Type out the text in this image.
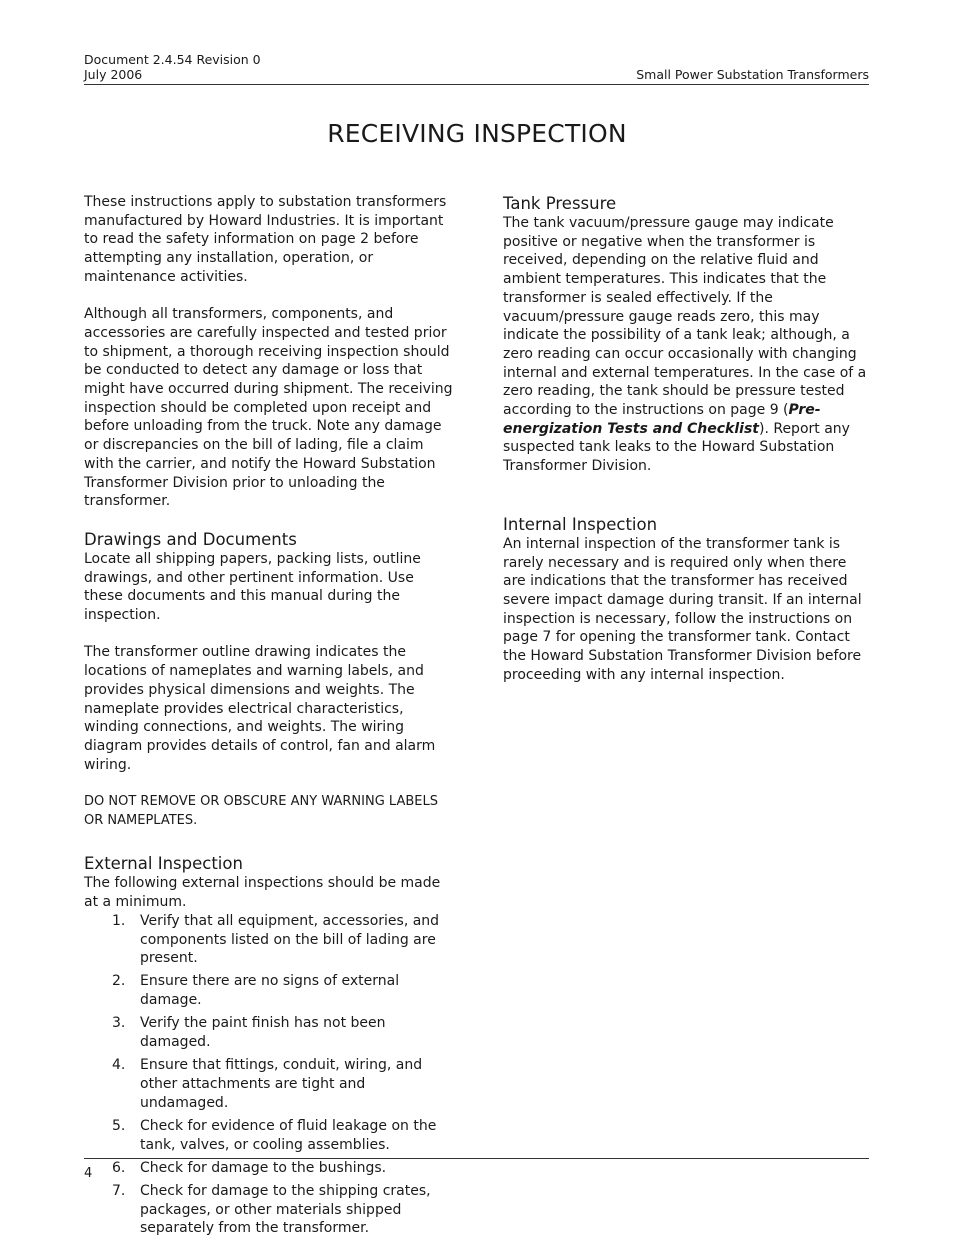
Document 2.4.54 Revision 0
July 2006	Small Power Substation Transformers
RECEIVING INSPECTION

These instructions apply to substation transformers manufactured by Howard Industries. It is important to read the safety information on page 2 before attempting any installation, operation, or maintenance activities.

Although all transformers, components, and accessories are carefully inspected and tested prior to shipment, a thorough receiving inspection should be conducted to detect any damage or loss that might have occurred during shipment. The receiving inspection should be completed upon receipt and before unloading from the truck. Note any damage or discrepancies on the bill of lading, file a claim with the carrier, and notify the Howard Substation Transformer Division prior to unloading the transformer.

Drawings and Documents

Locate all shipping papers, packing lists, outline drawings, and other pertinent information. Use these documents and this manual during the inspection.

The transformer outline drawing indicates the locations of nameplates and warning labels, and provides physical dimensions and weights. The nameplate provides electrical characteristics, winding connections, and weights. The wiring diagram provides details of control, fan and alarm wiring.

DO NOT REMOVE OR OBSCURE ANY WARNING LABELS OR NAMEPLATES.

External Inspection

The following external inspections should be made at a minimum.

1. Verify that all equipment, accessories, and components listed on the bill of lading are present.
2. Ensure there are no signs of external damage.
3. Verify the paint finish has not been damaged.
4. Ensure that fittings, conduit, wiring, and other attachments are tight and undamaged.
5. Check for evidence of fluid leakage on the tank, valves, or cooling assemblies.
6. Check for damage to the bushings.
7. Check for damage to the shipping crates, packages, or other materials shipped separately from the transformer.
Tank Pressure

The tank vacuum/pressure gauge may indicate positive or negative when the transformer is received, depending on the relative fluid and ambient temperatures. This indicates that the transformer is sealed effectively. If the vacuum/pressure gauge reads zero, this may indicate the possibility of a tank leak; although, a zero reading can occur occasionally with changing internal and external temperatures. In the case of a zero reading, the tank should be pressure tested according to the instructions on page 9 (Pre-energization Tests and Checklist). Report any suspected tank leaks to the Howard Substation Transformer Division.

Internal Inspection

An internal inspection of the transformer tank is rarely necessary and is required only when there are indications that the transformer has received severe impact damage during transit. If an internal inspection is necessary, follow the instructions on page 7 for opening the transformer tank. Contact the Howard Substation Transformer Division before proceeding with any internal inspection.

4
